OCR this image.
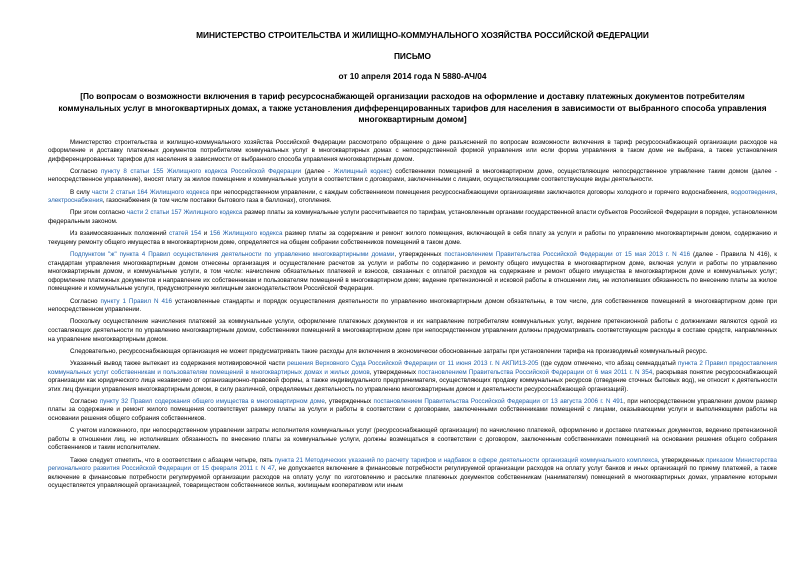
МИНИСТЕРСТВО СТРОИТЕЛЬСТВА И ЖИЛИЩНО-КОММУНАЛЬНОГО ХОЗЯЙСТВА РОССИЙСКОЙ ФЕДЕРАЦИИ
ПИСЬМО
от 10 апреля 2014 года N 5880-АЧ/04
[По вопросам о возможности включения в тариф ресурсоснабжающей организации расходов на оформление и доставку платежных документов потребителям коммунальных услуг в многоквартирных домах, а также установления дифференцированных тарифов для населения в зависимости от выбранного способа управления многоквартирным домом]

Министерство строительства и жилищно-коммунального хозяйства Российской Федерации рассмотрело обращение о даче разъяснений по вопросам возможности включения в тариф ресурсоснабжающей организации расходов на оформление и доставку платежных документов потребителям коммунальных услуг в многоквартирных домах с непосредственной формой управления или если форма управления в таком доме не выбрана, а также установления дифференцированных тарифов для населения в зависимости от выбранного способа управления многоквартирным домом.

Согласно пункту 8 статьи 155 Жилищного кодекса Российской Федерации (далее - Жилищный кодекс) собственники помещений в многоквартирном доме, осуществляющие непосредственное управление таким домом (далее - непосредственное управление), вносят плату за жилое помещение и коммунальные услуги в соответствии с договорами, заключенными с лицами, осуществляющими соответствующие виды деятельности.

В силу части 2 статьи 164 Жилищного кодекса при непосредственном управлении, с каждым собственником помещения ресурсоснабжающими организациями заключаются договоры холодного и горячего водоснабжения, водоотведения, электроснабжения, газоснабжения (в том числе поставки бытового газа в баллонах), отопления.

При этом согласно части 2 статьи 157 Жилищного кодекса размер платы за коммунальные услуги рассчитывается по тарифам, установленным органами государственной власти субъектов Российской Федерации в порядке, установленном федеральным законом.

Из взаимосвязанных положений статей 154 и 156 Жилищного кодекса размер платы за содержание и ремонт жилого помещения, включающей в себя плату за услуги и работы по управлению многоквартирным домом, содержанию и текущему ремонту общего имущества в многоквартирном доме, определяется на общем собрании собственников помещений в таком доме.

Подпунктом "ж" пункта 4 Правил осуществления деятельности по управлению многоквартирными домами, утвержденных постановлением Правительства Российской Федерации от 15 мая 2013 г. N 416 (далее - Правила N 416), к стандартам управления многоквартирным домом отнесены организация и осуществление расчетов за услуги и работы по содержанию и ремонту общего имущества в многоквартирном доме, включая услуги и работы по управлению многоквартирным домом, и коммунальные услуги, в том числе: начисление обязательных платежей и взносов, связанных с оплатой расходов на содержание и ремонт общего имущества в многоквартирном доме и коммунальных услуг; оформление платежных документов и направление их собственникам и пользователям помещений в многоквартирном доме; ведение претензионной и исковой работы в отношении лиц, не исполнивших обязанность по внесению платы за жилое помещение и коммунальные услуги, предусмотренную жилищным законодательством Российской Федерации.

Согласно пункту 1 Правил N 416 установленные стандарты и порядок осуществления деятельности по управлению многоквартирным домом обязательны, в том числе, для собственников помещений в многоквартирном доме при непосредственном управлении.

Поскольку осуществление начисления платежей за коммунальные услуги, оформление платежных документов и их направление потребителям коммунальных услуг, ведение претензионной работы с должниками являются одной из составляющих деятельности по управлению многоквартирным домом, собственники помещений в многоквартирном доме при непосредственном управлении должны предусматривать соответствующие расходы в составе средств, направленных на управление многоквартирным домом.

Следовательно, ресурсоснабжающая организация не может предусматривать такие расходы для включения в экономически обоснованные затраты при установлении тарифа на производимый коммунальный ресурс.

Указанный вывод также вытекает из содержания мотивировочной части решения Верховного Суда Российской Федерации от 11 июня 2013 г. N АКПИ13-205 (где судом отмечено, что абзац семнадцатый пункта 2 Правил предоставления коммунальных услуг собственникам и пользователям помещений в многоквартирных домах и жилых домов, утвержденных постановлением Правительства Российской Федерации от 6 мая 2011 г. N 354, раскрывая понятие ресурсоснабжающей организации как юридического лица независимо от организационно-правовой формы, а также индивидуального предпринимателя, осуществляющих продажу коммунальных ресурсов (отведение сточных бытовых вод), не относит к деятельности этих лиц функции управления многоквартирным домом, в силу различной, определяемых деятельность по управлению многоквартирным домом и деятельности ресурсоснабжающей организаций).

Согласно пункту 32 Правил содержания общего имущества в многоквартирном доме, утвержденных постановлением Правительства Российской Федерации от 13 августа 2006 г. N 491, при непосредственном управлении домом размер платы за содержание и ремонт жилого помещения соответствует размеру платы за услуги и работы в соответствии с договорами, заключенными собственниками помещений с лицами, оказывающими услуги и выполняющими работы на основании решения общего собрания собственников.

С учетом изложенного, при непосредственном управлении затраты исполнителя коммунальных услуг (ресурсоснабжающей организации) по начислению платежей, оформлению и доставке платежных документов, ведению претензионной работы в отношении лиц, не исполнивших обязанность по внесению платы за коммунальные услуги, должны возмещаться в соответствии с договором, заключенным собственниками помещений на основании решения общего собрания собственников и таким исполнителем.

Также следует отметить, что в соответствии с абзацем четыре, пять пункта 21 Методических указаний по расчету тарифов и надбавок в сфере деятельности организаций коммунального комплекса, утвержденных приказом Министерства регионального развития Российской Федерации от 15 февраля 2011 г. N 47, не допускается включение в финансовые потребности регулируемой организации расходов на оплату услуг банков и иных организаций по приему платежей, а также включение в финансовые потребности регулируемой организации расходов на оплату услуг по изготовлению и рассылке платежных документов собственникам (нанимателям) помещений в многоквартирных домах, управление которыми осуществляется управляющей организацией, товариществом собственников жилья, жилищным кооперативом или иным
